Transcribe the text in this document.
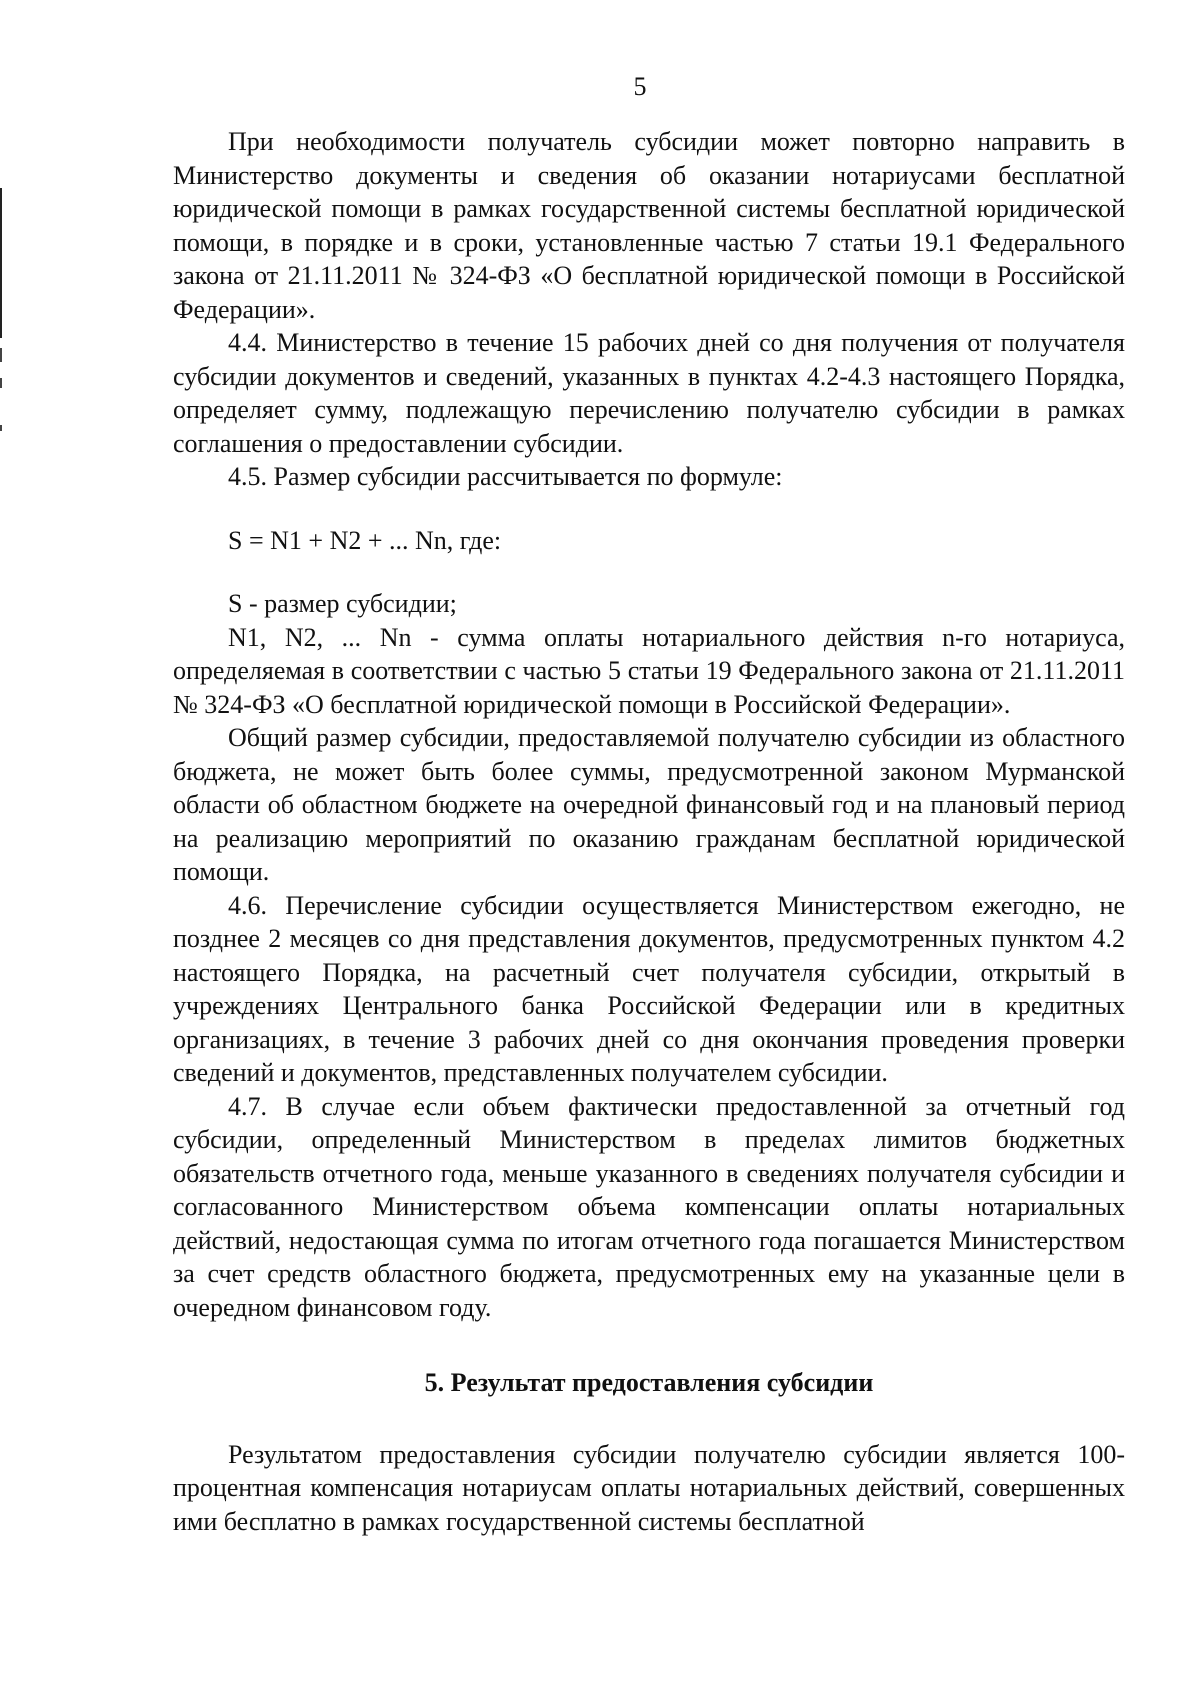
5

При необходимости получатель субсидии может повторно направить в Министерство документы и сведения об оказании нотариусами бесплатной юридической помощи в рамках государственной системы бесплатной юридической помощи, в порядке и в сроки, установленные частью 7 статьи 19.1 Федерального закона от 21.11.2011 № 324-ФЗ «О бесплатной юридической помощи в Российской Федерации».

4.4. Министерство в течение 15 рабочих дней со дня получения от получателя субсидии документов и сведений, указанных в пунктах 4.2-4.3 настоящего Порядка, определяет сумму, подлежащую перечислению получателю субсидии в рамках соглашения о предоставлении субсидии.

4.5. Размер субсидии рассчитывается по формуле:

S = N1 + N2 + ... Nn, где:

S - размер субсидии;

N1, N2, ... Nn - сумма оплаты нотариального действия n-го нотариуса, определяемая в соответствии с частью 5 статьи 19 Федерального закона от 21.11.2011 № 324-ФЗ «О бесплатной юридической помощи в Российской Федерации».

Общий размер субсидии, предоставляемой получателю субсидии из областного бюджета, не может быть более суммы, предусмотренной законом Мурманской области об областном бюджете на очередной финансовый год и на плановый период на реализацию мероприятий по оказанию гражданам бесплатной юридической помощи.

4.6. Перечисление субсидии осуществляется Министерством ежегодно, не позднее 2 месяцев со дня представления документов, предусмотренных пунктом 4.2 настоящего Порядка, на расчетный счет получателя субсидии, открытый в учреждениях Центрального банка Российской Федерации или в кредитных организациях, в течение 3 рабочих дней со дня окончания проведения проверки сведений и документов, представленных получателем субсидии.

4.7. В случае если объем фактически предоставленной за отчетный год субсидии, определенный Министерством в пределах лимитов бюджетных обязательств отчетного года, меньше указанного в сведениях получателя субсидии и согласованного Министерством объема компенсации оплаты нотариальных действий, недостающая сумма по итогам отчетного года погашается Министерством за счет средств областного бюджета, предусмотренных ему на указанные цели в очередном финансовом году.

5. Результат предоставления субсидии

Результатом предоставления субсидии получателю субсидии является 100-процентная компенсация нотариусам оплаты нотариальных действий, совершенных ими бесплатно в рамках государственной системы бесплатной
